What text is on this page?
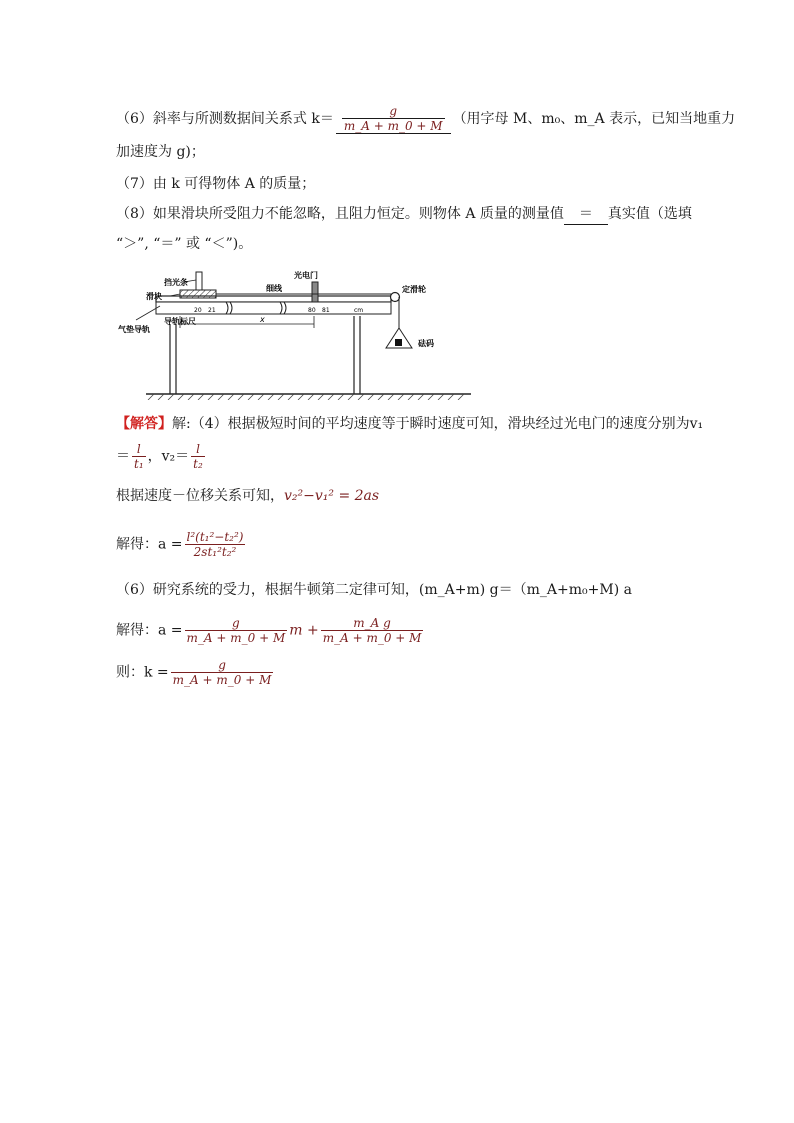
（6）斜率与所测数据间关系式 $k= \frac{g}{m\_A + m\_0 + M}$ （用字母 M、m₀、m_A 表示，已知当地重力
加速度为 g)；
（7）由 k 可得物体 A 的质量；
（8）如果滑块所受阻力不能忽略，且阻力恒定。则物体 A 质量的测量值 ＝ 真实值（选填
“＞”, “＝” 或 “＜”)。
挡光条
滑块
光电门
细线	定滑轮
气垫导轨
导轨标尺
砝码
x
20 21	80 81	cm
【解答】解:（4）根据极短时间的平均速度等于瞬时速度可知，滑块经过光电门的速度分别为v₁
＝ $\frac{l}{\text{t₁}}$ ，$v_2= \frac{l}{\text{t₂}}$
根据速度－位移关系可知，v₂²−v₁² = 2as
解得：$a = \frac{\text{l²(t₁²−t₂²)}}{\text{2st₁²t₂²}}$
（6）研究系统的受力，根据牛顿第二定律可知，(m_A+m) g＝（m_A+m₀+M) a
解得：$a = \frac{g}{m\_A + m\_0 + M}$ $m + \frac{\text{m\_A g}}{m\_A + m\_0 + M}$
则：$k = \frac{g}{m\_A + m\_0 + M}$
